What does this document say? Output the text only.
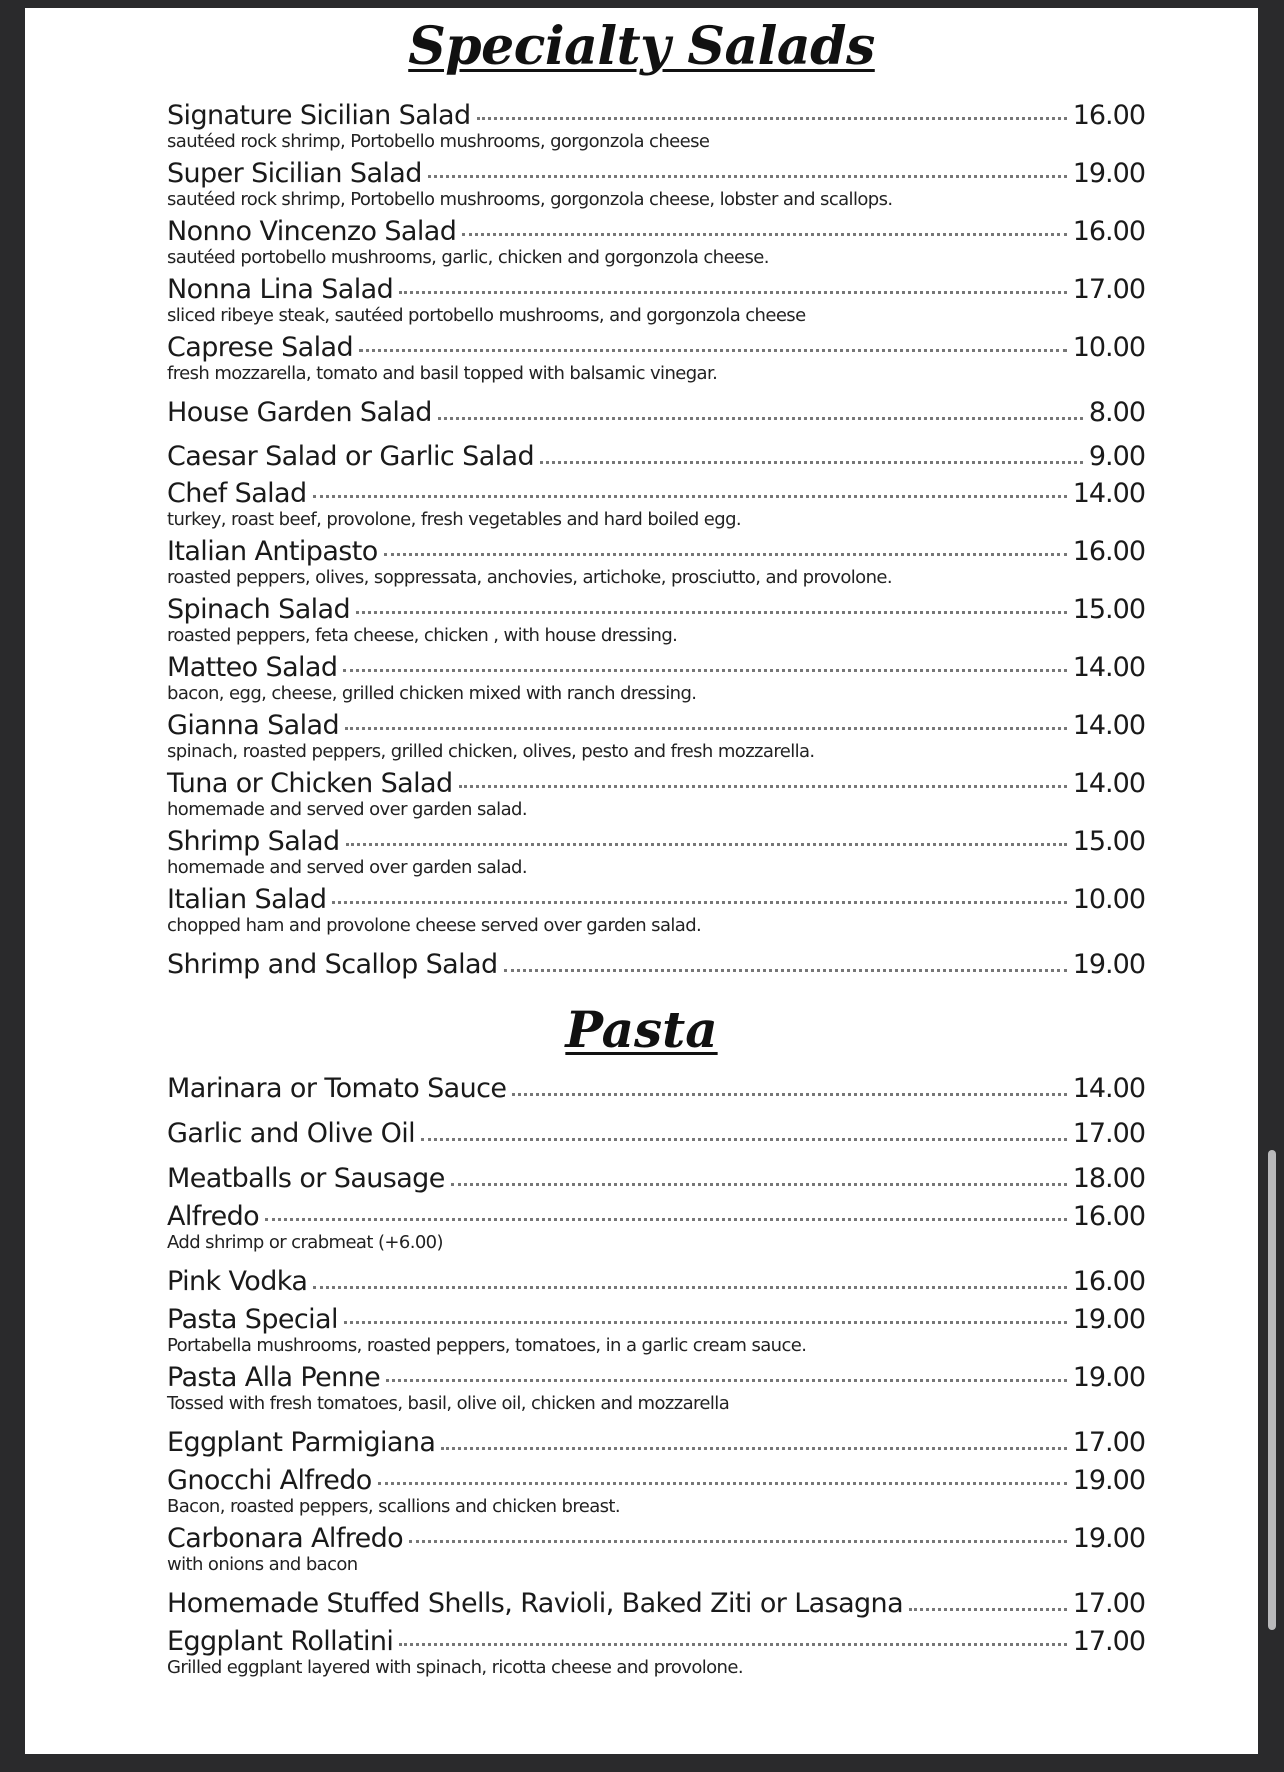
Specialty Salads
Signature Sicilian Salad	16.00
sautéed rock shrimp, Portobello mushrooms, gorgonzola cheese
Super Sicilian Salad	19.00
sautéed rock shrimp, Portobello mushrooms, gorgonzola cheese, lobster and scallops.
Nonno Vincenzo Salad	16.00
sautéed portobello mushrooms, garlic, chicken and gorgonzola cheese.
Nonna Lina Salad	17.00
sliced ribeye steak, sautéed portobello mushrooms, and gorgonzola cheese
Caprese Salad	10.00
fresh mozzarella, tomato and basil topped with balsamic vinegar.
House Garden Salad	8.00
Caesar Salad or Garlic Salad	9.00
Chef Salad	14.00
turkey, roast beef, provolone, fresh vegetables and hard boiled egg.
Italian Antipasto	16.00
roasted peppers, olives, soppressata, anchovies, artichoke, prosciutto, and provolone.
Spinach Salad	15.00
roasted peppers, feta cheese, chicken , with house dressing.
Matteo Salad	14.00
bacon, egg, cheese, grilled chicken mixed with ranch dressing.
Gianna Salad	14.00
spinach, roasted peppers, grilled chicken, olives, pesto and fresh mozzarella.
Tuna or Chicken Salad	14.00
homemade and served over garden salad.
Shrimp Salad	15.00
homemade and served over garden salad.
Italian Salad	10.00
chopped ham and provolone cheese served over garden salad.
Shrimp and Scallop Salad	19.00
Pasta
Marinara or Tomato Sauce	14.00
Garlic and Olive Oil	17.00
Meatballs or Sausage	18.00
Alfredo	16.00
Add shrimp or crabmeat (+6.00)
Pink Vodka	16.00
Pasta Special	19.00
Portabella mushrooms, roasted peppers, tomatoes, in a garlic cream sauce.
Pasta Alla Penne	19.00
Tossed with fresh tomatoes, basil, olive oil, chicken and mozzarella
Eggplant Parmigiana	17.00
Gnocchi Alfredo	19.00
Bacon, roasted peppers, scallions and chicken breast.
Carbonara Alfredo	19.00
with onions and bacon
Homemade Stuffed Shells, Ravioli, Baked Ziti or Lasagna	17.00
Eggplant Rollatini	17.00
Grilled eggplant layered with spinach, ricotta cheese and provolone.
